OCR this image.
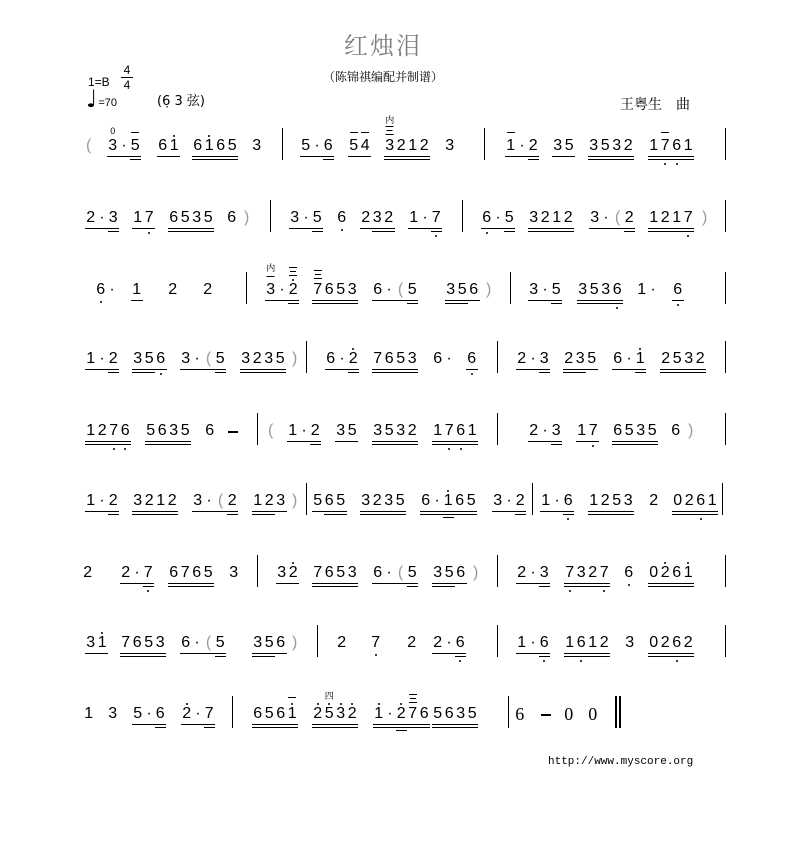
红烛泪
（陈锦祺编配并制谱）
1=B
4
4
♩ =70	(6̣ 3 弦)	王粤生　曲
( 3
0
· 5 6 1 6 1 6 5 3	5 · 6 5 4 3
内
2 1 2 3	1 · 2 3 5 3 5 3 2 1 7 6 1
2 · 3 1 7 6 5 3 5 6 )	3 · 5 6 2 3 2 1 · 7	6 · 5 3 2 1 2 3 · ( 2 1 2 1 7 )
6 · 1 2 2	3
内
· 2 7 6 5 3 6 · ( 5 3 5 6 ) 3 · 5 3 5 3 6 1 · 6
1 · 2 3 5 6 3 · ( 5 3 2 3 5 ) 6 · 2 7 6 5 3 6 · 6	2 · 3 2 3 5 6 · 1 2 5 3 2
1 2 7 6 5 6 3 5 6	( 1 · 2 3 5 3 5 3 2 1 7 6 1	2 · 3 1 7 6 5 3 5 6 )
1 · 2 3 2 1 2 3 · ( 2 1 2 3 ) 5 6 5 3 2 3 5 6 · 1 6 5 3 · 2 1 · 6 1 2 5 3 2 0 2 6 1
2 2 · 7 6 7 6 5 3 3 2 7 6 5 3 6 · ( 5 3 5 6 ) 2 · 3 7 3 2 7 6 0 2 6 1
3 1 7 6 5 3 6 · ( 5 3 5 6 ) 2 7 2 2 · 6	1 · 6 1 6 1 2 3 0 2 6 2
1 3 5 · 6 2 · 7 6 5 6 1 2 5
四
3 2 1 · 2 7 6 5 6 3 5 6 0 0
http://www.myscore.org
